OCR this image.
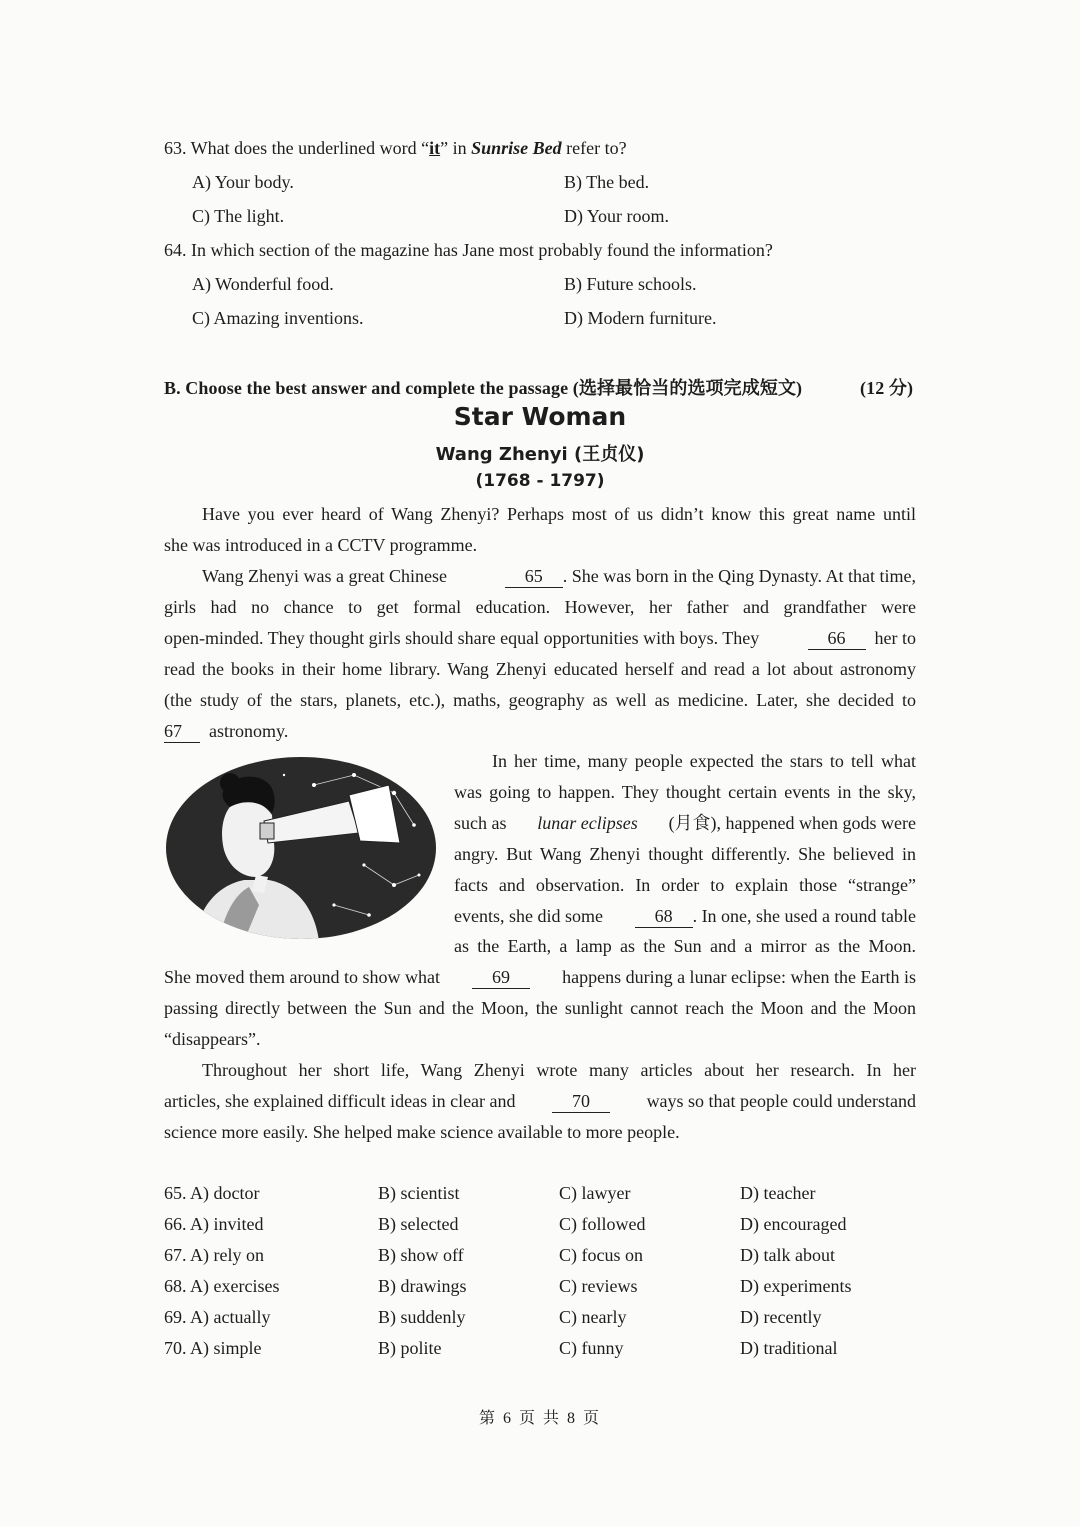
63. What does the underlined word “it” in Sunrise Bed refer to?
A) Your body.	B) The bed.
C) The light.	D) Your room.
64. In which section of the magazine has Jane most probably found the information?
A) Wonderful food.	B) Future schools.
C) Amazing inventions.	D) Modern furniture.
B. Choose the best answer and complete the passage (选择最恰当的选项完成短文)	(12 分)
Star Woman
Wang Zhenyi (王贞仪)
(1768 - 1797)
Have you ever heard of Wang Zhenyi? Perhaps most of us didn’t know this great name until
she was introduced in a CCTV programme.
Wang Zhenyi was a great Chinese	65 . She was born in the Qing Dynasty. At that time,
girls had no chance to get formal education. However, her father and grandfather were
open-minded. They thought girls should share equal opportunities with boys. They	66 her to
read the books in their home library. Wang Zhenyi educated herself and read a lot about astronomy
(the study of the stars, planets, etc.), maths, geography as well as medicine. Later, she decided to
67 astronomy.
In her time, many people expected the stars to tell what
was going to happen. They thought certain events in the sky,
such as lunar eclipses (月食), happened when gods were
angry. But Wang Zhenyi thought differently. She believed in
facts and observation. In order to explain those “strange”
events, she did some	68 . In one, she used a round table
as the Earth, a lamp as the Sun and a mirror as the Moon.
She moved them around to show what	69	happens during a lunar eclipse: when the Earth is
passing directly between the Sun and the Moon, the sunlight cannot reach the Moon and the Moon
“disappears”.
Throughout her short life, Wang Zhenyi wrote many articles about her research. In her
articles, she explained difficult ideas in clear and	70	ways so that people could understand
science more easily. She helped make science available to more people.
65. A) doctor	B) scientist	C) lawyer	D) teacher
66. A) invited	B) selected	C) followed	D) encouraged
67. A) rely on	B) show off	C) focus on	D) talk about
68. A) exercises	B) drawings	C) reviews	D) experiments
69. A) actually	B) suddenly	C) nearly	D) recently
70. A) simple	B) polite	C) funny	D) traditional
第 6 页 共 8 页
